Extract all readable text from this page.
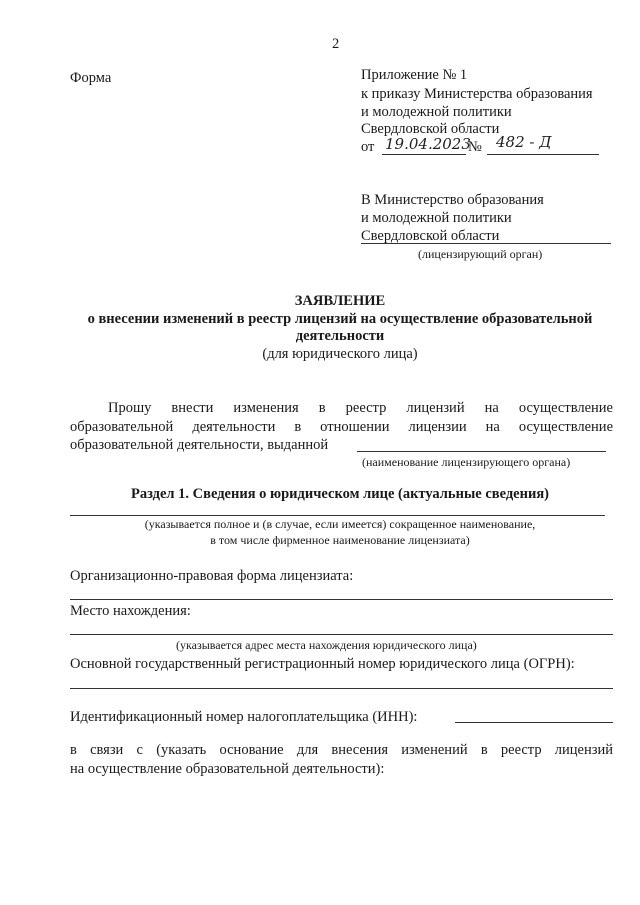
2
Форма	Приложение № 1
к приказу Министерства образования
и молодежной политики
Свердловской области
от 19.04.2023
№ 482 - Д
В Министерство образования
и молодежной политики
Свердловской области
(лицензирующий орган)
ЗАЯВЛЕНИЕ
о внесении изменений в реестр лицензий на осуществление образовательной
деятельности
(для юридического лица)
Прошу внести изменения в реестр лицензий на осуществление
образовательной деятельности в отношении лицензии на осуществление
образовательной деятельности, выданной
(наименование лицензирующего органа)
Раздел 1. Сведения о юридическом лице (актуальные сведения)
(указывается полное и (в случае, если имеется) сокращенное наименование,
в том числе фирменное наименование лицензиата)
Организационно-правовая форма лицензиата:
Место нахождения:
(указывается адрес места нахождения юридического лица)
Основной государственный регистрационный номер юридического лица (ОГРН):
Идентификационный номер налогоплательщика (ИНН):
в связи с (указать основание для внесения изменений в реестр лицензий
на осуществление образовательной деятельности):
